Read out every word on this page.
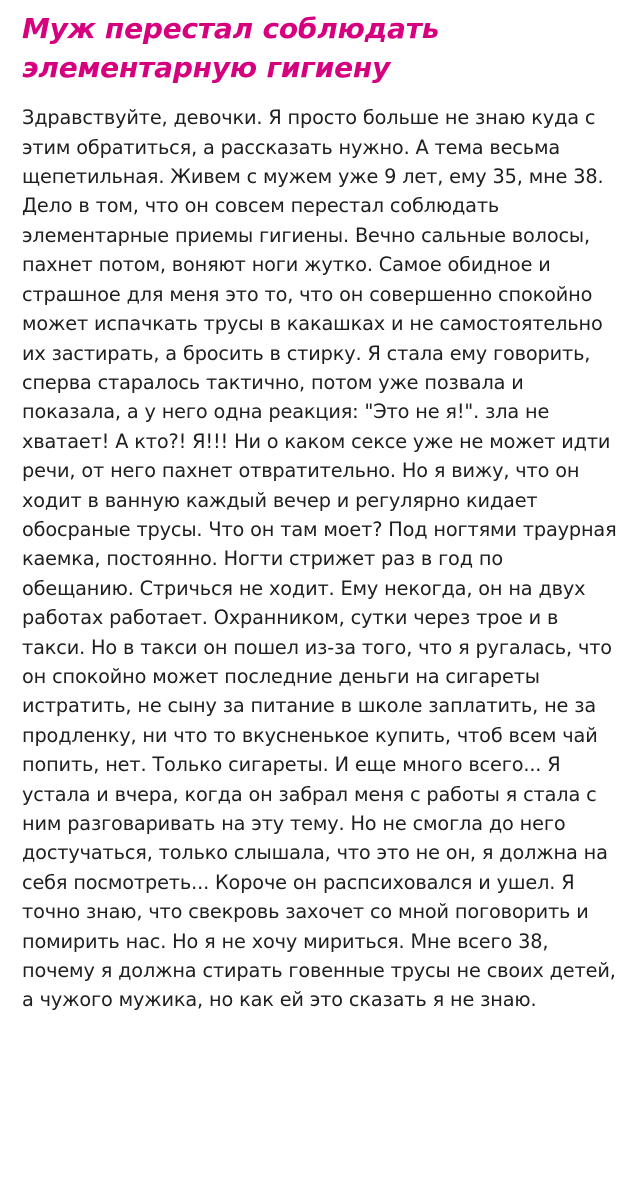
Муж перестал соблюдать элементарную гигиену

Здравствуйте, девочки. Я просто больше не знаю куда с этим обратиться, а рассказать нужно. А тема весьма щепетильная. Живем с мужем уже 9 лет, ему 35, мне 38. Дело в том, что он совсем перестал соблюдать элементарные приемы гигиены. Вечно сальные волосы, пахнет потом, воняют ноги жутко. Самое обидное и страшное для меня это то, что он совершенно спокойно может испачкать трусы в какашках и не самостоятельно их застирать, а бросить в стирку. Я стала ему говорить, сперва старалось тактично, потом уже позвала и показала, а у него одна реакция: "Это не я!". зла не хватает! А кто?! Я!!! Ни о каком сексе уже не может идти речи, от него пахнет отвратительно. Но я вижу, что он ходит в ванную каждый вечер и регулярно кидает обосраные трусы. Что он там моет? Под ногтями траурная каемка, постоянно. Ногти стрижет раз в год по обещанию. Стричься не ходит. Ему некогда, он на двух работах работает. Охранником, сутки через трое и в такси. Но в такси он пошел из-за того, что я ругалась, что он спокойно может последние деньги на сигареты истратить, не сыну за питание в школе заплатить, не за продленку, ни что то вкусненькое купить, чтоб всем чай попить, нет. Только сигареты. И еще много всего... Я устала и вчера, когда он забрал меня с работы я стала с ним разговаривать на эту тему. Но не смогла до него достучаться, только слышала, что это не он, я должна на себя посмотреть... Короче он распсиховался и ушел. Я точно знаю, что свекровь захочет со мной поговорить и помирить нас. Но я не хочу мириться. Мне всего 38, почему я должна стирать говенные трусы не своих детей, а чужого мужика, но как ей это сказать я не знаю.
